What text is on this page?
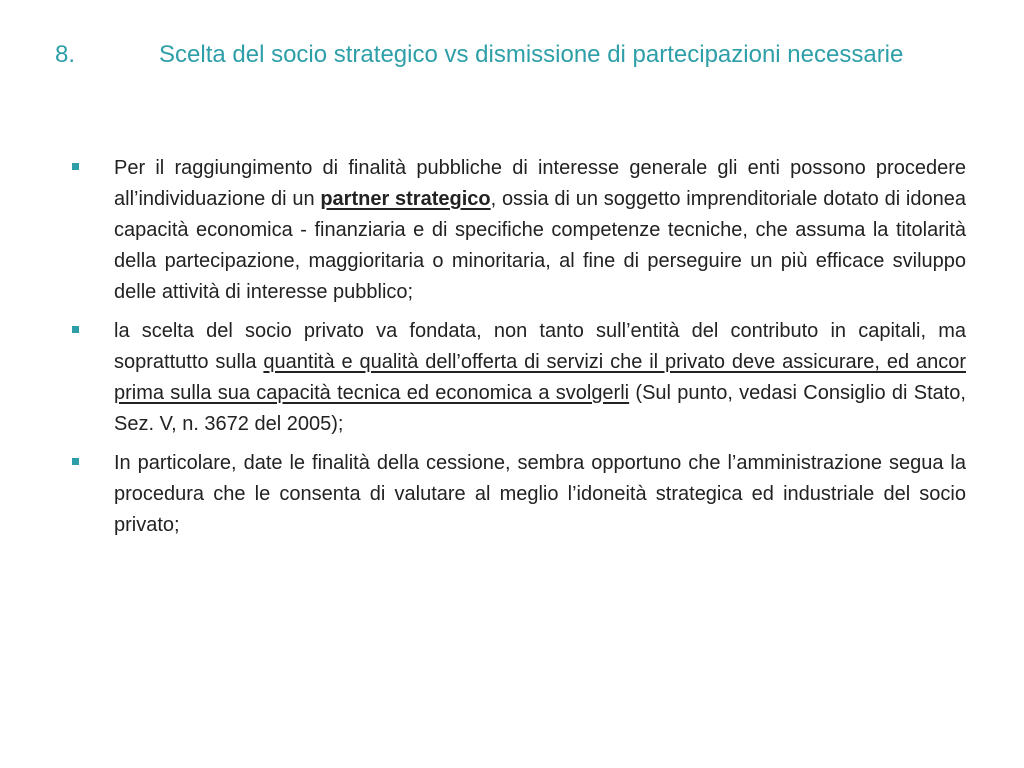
8.	Scelta del socio strategico vs dismissione di partecipazioni necessarie
Per il raggiungimento di finalità pubbliche di interesse generale gli enti possono procedere all’individuazione di un partner strategico, ossia di un soggetto imprenditoriale dotato di idonea capacità economica - finanziaria e di specifiche competenze tecniche, che assuma la titolarità della partecipazione, maggioritaria o minoritaria, al fine di perseguire un più efficace sviluppo delle attività di interesse pubblico;
la scelta del socio privato va fondata, non tanto sull’entità del contributo in capitali, ma soprattutto sulla quantità e qualità dell’offerta di servizi che il privato deve assicurare, ed ancor prima sulla sua capacità tecnica ed economica a svolgerli (Sul punto, vedasi Consiglio di Stato, Sez. V, n. 3672 del 2005);
In particolare, date le finalità della cessione, sembra opportuno che l’amministrazione segua la procedura che le consenta di valutare al meglio l’idoneità strategica ed industriale del socio privato;
